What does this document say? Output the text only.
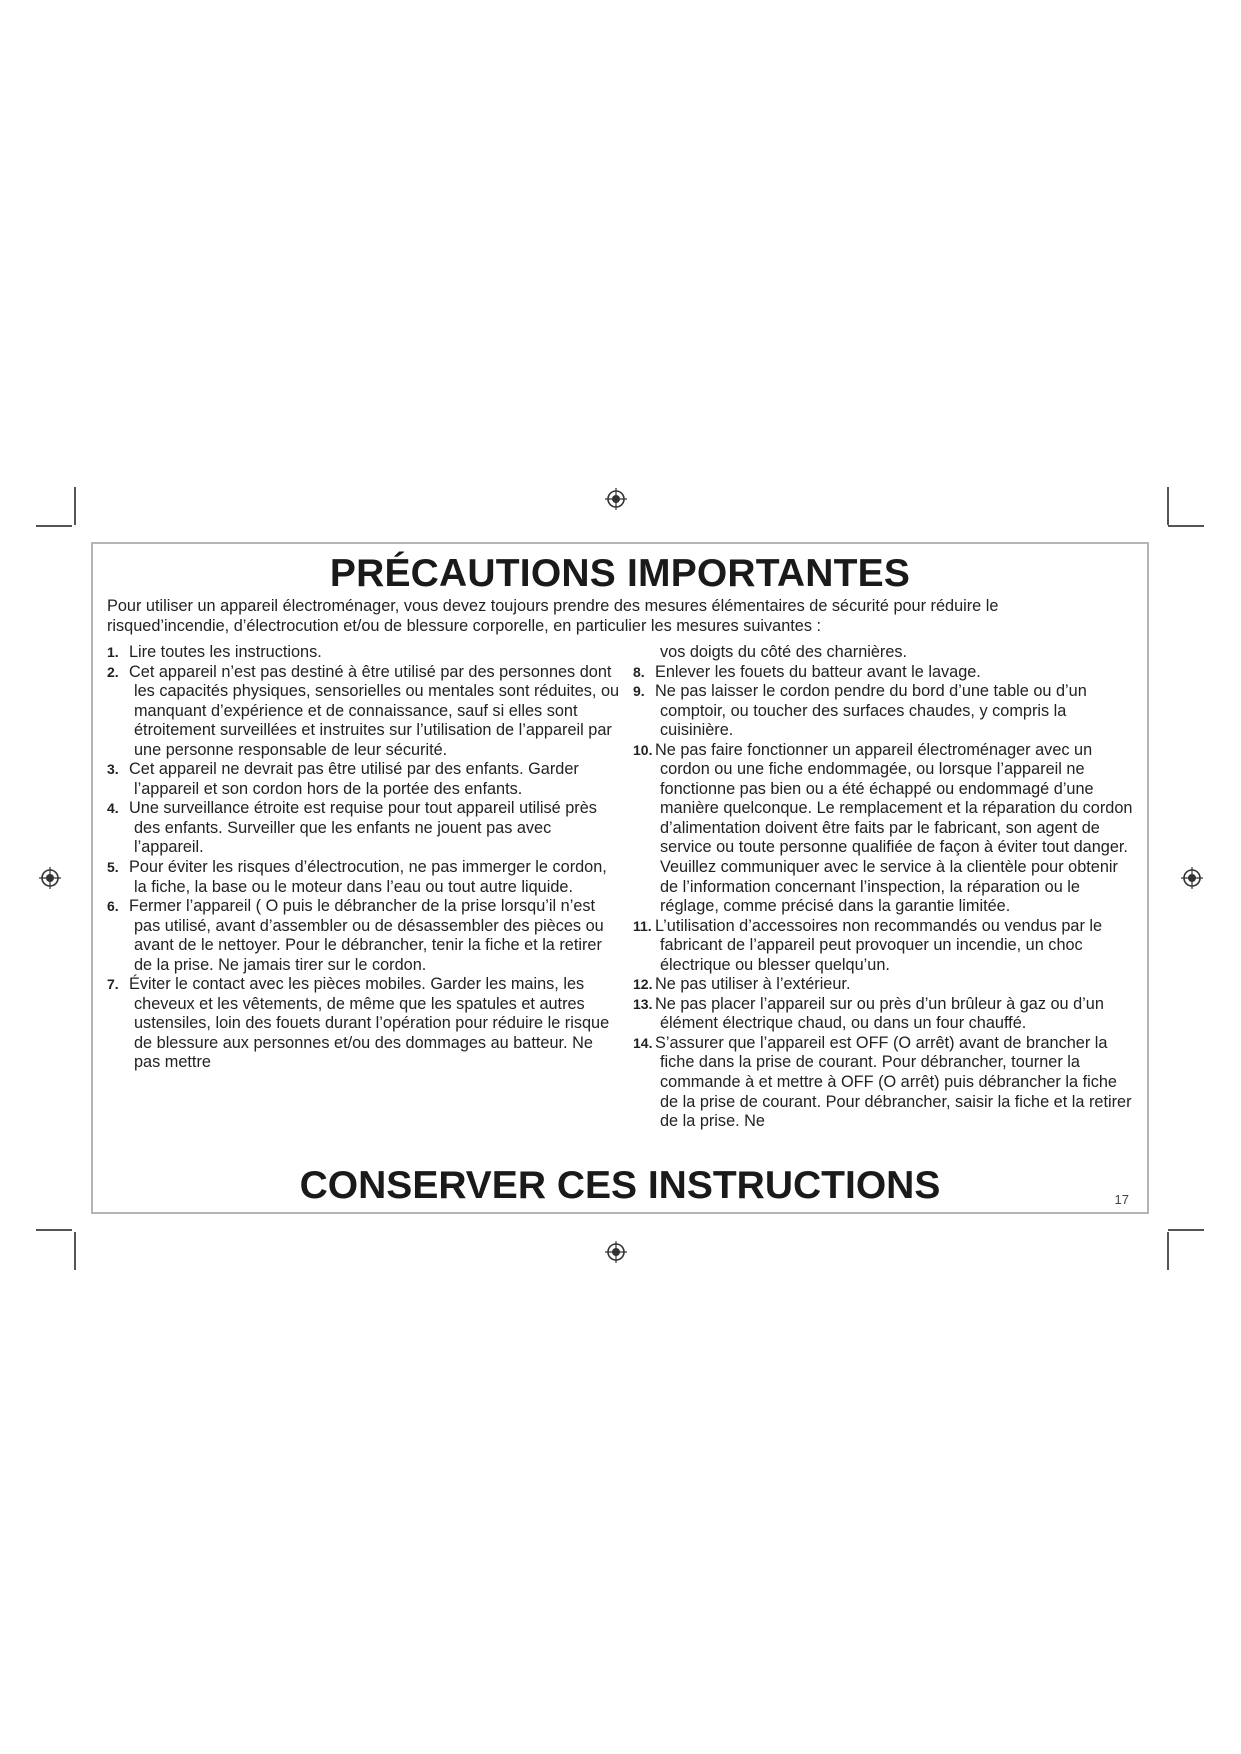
PRÉCAUTIONS IMPORTANTES

Pour utiliser un appareil électroménager, vous devez toujours prendre des mesures élémentaires de sécurité pour réduire le risqued’incendie, d’électrocution et/ou de blessure corporelle, en particulier les mesures suivantes :

1. Lire toutes les instructions.
2. Cet appareil n’est pas destiné à être utilisé par des personnes dont les capacités physiques, sensorielles ou mentales sont réduites, ou manquant d’expérience et de connaissance, sauf si elles sont étroitement surveillées et instruites sur l’utilisation de l’appareil par une personne responsable de leur sécurité.
3. Cet appareil ne devrait pas être utilisé par des enfants. Garder l’appareil et son cordon hors de la portée des enfants.
4. Une surveillance étroite est requise pour tout appareil utilisé près des enfants. Surveiller que les enfants ne jouent pas avec l’appareil.
5. Pour éviter les risques d’électrocution, ne pas immerger le cordon, la fiche, la base ou le moteur dans l’eau ou tout autre liquide.
6. Fermer l’appareil ( O puis le débrancher de la prise lorsqu’il n’est pas utilisé, avant d’assembler ou de désassembler des pièces ou avant de le nettoyer. Pour le débrancher, tenir la fiche et la retirer de la prise. Ne jamais tirer sur le cordon.
7. Éviter le contact avec les pièces mobiles. Garder les mains, les cheveux et les vêtements, de même que les spatules et autres ustensiles, loin des fouets durant l’opération pour réduire le risque de blessure aux personnes et/ou des dommages au batteur. Ne pas mettre
vos doigts du côté des charnières.
8. Enlever les fouets du batteur avant le lavage.
9. Ne pas laisser le cordon pendre du bord d’une table ou d’un comptoir, ou toucher des surfaces chaudes, y compris la cuisinière.
10. Ne pas faire fonctionner un appareil électroménager avec un cordon ou une fiche endommagée, ou lorsque l’appareil ne fonctionne pas bien ou a été échappé ou endommagé d’une manière quelconque. Le remplacement et la réparation du cordon d’alimentation doivent être faits par le fabricant, son agent de service ou toute personne qualifiée de façon à éviter tout danger. Veuillez communiquer avec le service à la clientèle pour obtenir de l’information concernant l’inspection, la réparation ou le réglage, comme précisé dans la garantie limitée.
11. L’utilisation d’accessoires non recommandés ou vendus par le fabricant de l’appareil peut provoquer un incendie, un choc électrique ou blesser quelqu’un.
12. Ne pas utiliser à l’extérieur.
13. Ne pas placer l’appareil sur ou près d’un brûleur à gaz ou d’un élément électrique chaud, ou dans un four chauffé.
14. S’assurer que l’appareil est OFF (O arrêt) avant de brancher la fiche dans la prise de courant. Pour débrancher, tourner la commande à et mettre à OFF (O arrêt) puis débrancher la fiche de la prise de courant. Pour débrancher, saisir la fiche et la retirer de la prise. Ne
CONSERVER CES INSTRUCTIONS	17
